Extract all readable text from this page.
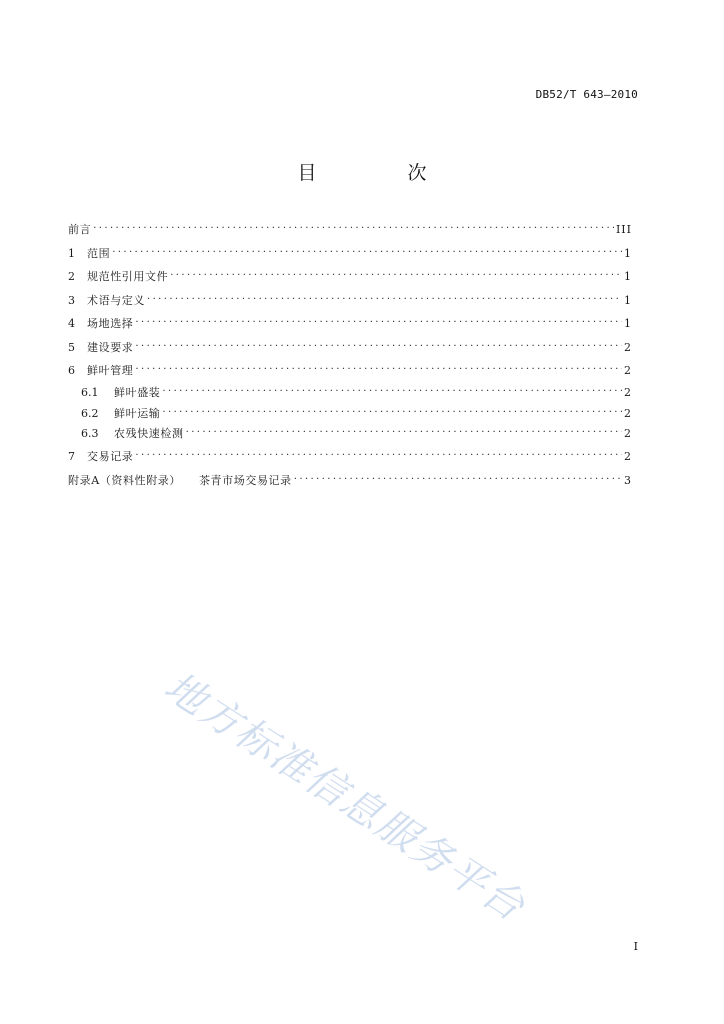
DB52/T 643—2010
目　次
前言 .....	III
1	范围 .....	1
2	规范性引用文件 .....	1
3	术语与定义 .....	1
4	场地选择 .....	1
5	建设要求 .....	2
6	鲜叶管理 .....	2
6.1	鲜叶盛装 .....	2
6.2	鲜叶运输 .....	2
6.3	农残快速检测 .....	2
7	交易记录 .....	2
附录A（资料性附录） 茶青市场交易记录 .....	3
地方标准信息服务平台
I
